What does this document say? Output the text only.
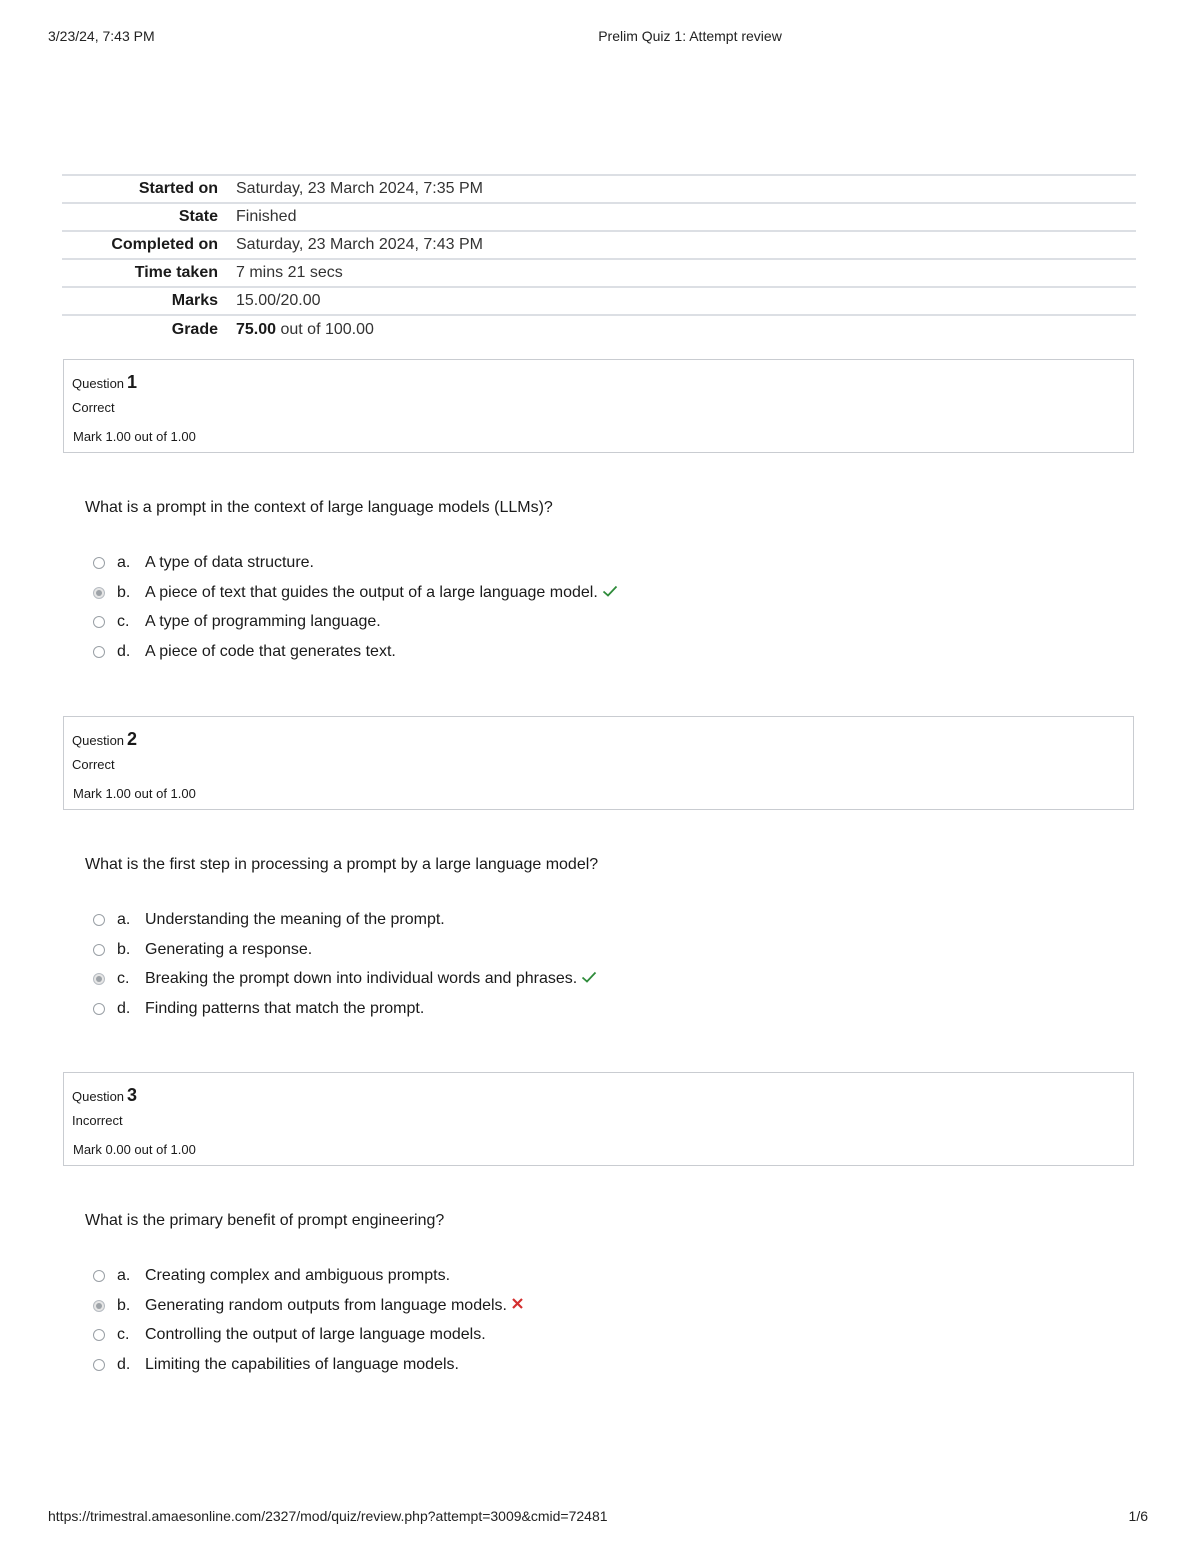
3/23/24, 7:43 PM	Prelim Quiz 1: Attempt review
Started on	Saturday, 23 March 2024, 7:35 PM
State	Finished
Completed on	Saturday, 23 March 2024, 7:43 PM
Time taken	7 mins 21 secs
Marks	15.00/20.00
Grade	75.00 out of 100.00
Question 1
Correct
Mark 1.00 out of 1.00
What is a prompt in the context of large language models (LLMs)?
a. A type of data structure.
b. A piece of text that guides the output of a large language model.
c. A type of programming language.
d. A piece of code that generates text.
Question 2
Correct
Mark 1.00 out of 1.00
What is the first step in processing a prompt by a large language model?
a. Understanding the meaning of the prompt.
b. Generating a response.
c. Breaking the prompt down into individual words and phrases.
d. Finding patterns that match the prompt.
Question 3
Incorrect
Mark 0.00 out of 1.00
What is the primary benefit of prompt engineering?
a. Creating complex and ambiguous prompts.
b. Generating random outputs from language models.
c. Controlling the output of large language models.
d. Limiting the capabilities of language models.
https://trimestral.amaesonline.com/2327/mod/quiz/review.php?attempt=3009&cmid=72481	1/6
